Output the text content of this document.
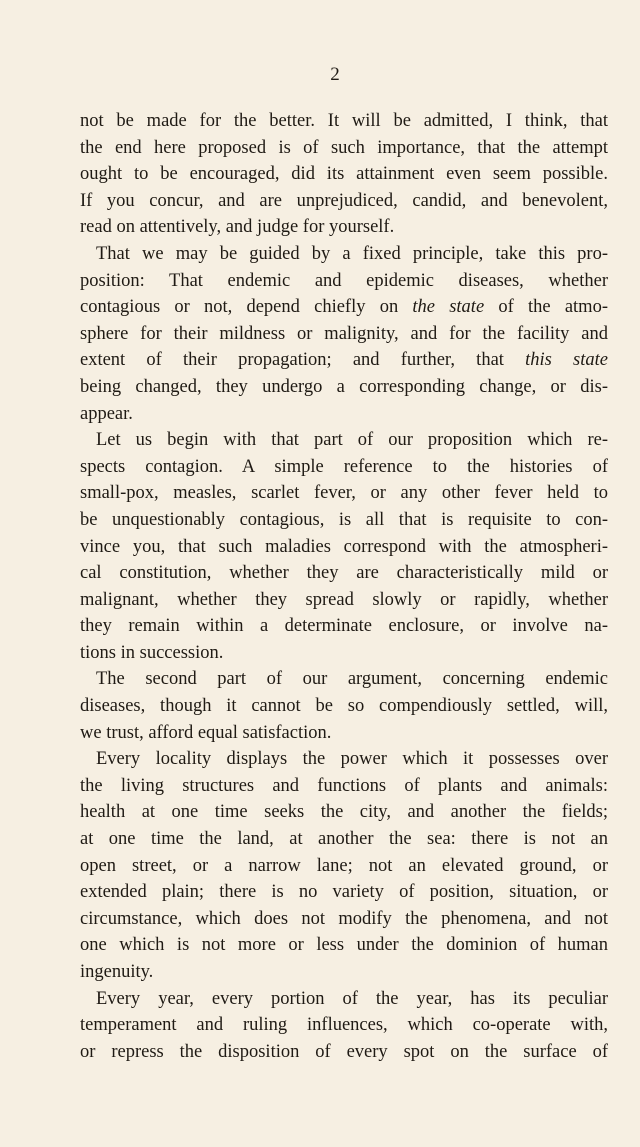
2
not be made for the better. It will be admitted, I think, that
the end here proposed is of such importance, that the attempt
ought to be encouraged, did its attainment even seem possible.
If you concur, and are unprejudiced, candid, and benevolent,
read on attentively, and judge for yourself.
That we may be guided by a fixed principle, take this pro-
position: That endemic and epidemic diseases, whether
contagious or not, depend chiefly on the state of the atmo-
sphere for their mildness or malignity, and for the facility and
extent of their propagation; and further, that this state
being changed, they undergo a corresponding change, or dis-
appear.
Let us begin with that part of our proposition which re-
spects contagion. A simple reference to the histories of
small-pox, measles, scarlet fever, or any other fever held to
be unquestionably contagious, is all that is requisite to con-
vince you, that such maladies correspond with the atmospheri-
cal constitution, whether they are characteristically mild or
malignant, whether they spread slowly or rapidly, whether
they remain within a determinate enclosure, or involve na-
tions in succession.
The second part of our argument, concerning endemic
diseases, though it cannot be so compendiously settled, will,
we trust, afford equal satisfaction.
Every locality displays the power which it possesses over
the living structures and functions of plants and animals:
health at one time seeks the city, and another the fields;
at one time the land, at another the sea: there is not an
open street, or a narrow lane; not an elevated ground, or
extended plain; there is no variety of position, situation, or
circumstance, which does not modify the phenomena, and not
one which is not more or less under the dominion of human
ingenuity.
Every year, every portion of the year, has its peculiar
temperament and ruling influences, which co-operate with,
or repress the disposition of every spot on the surface of
